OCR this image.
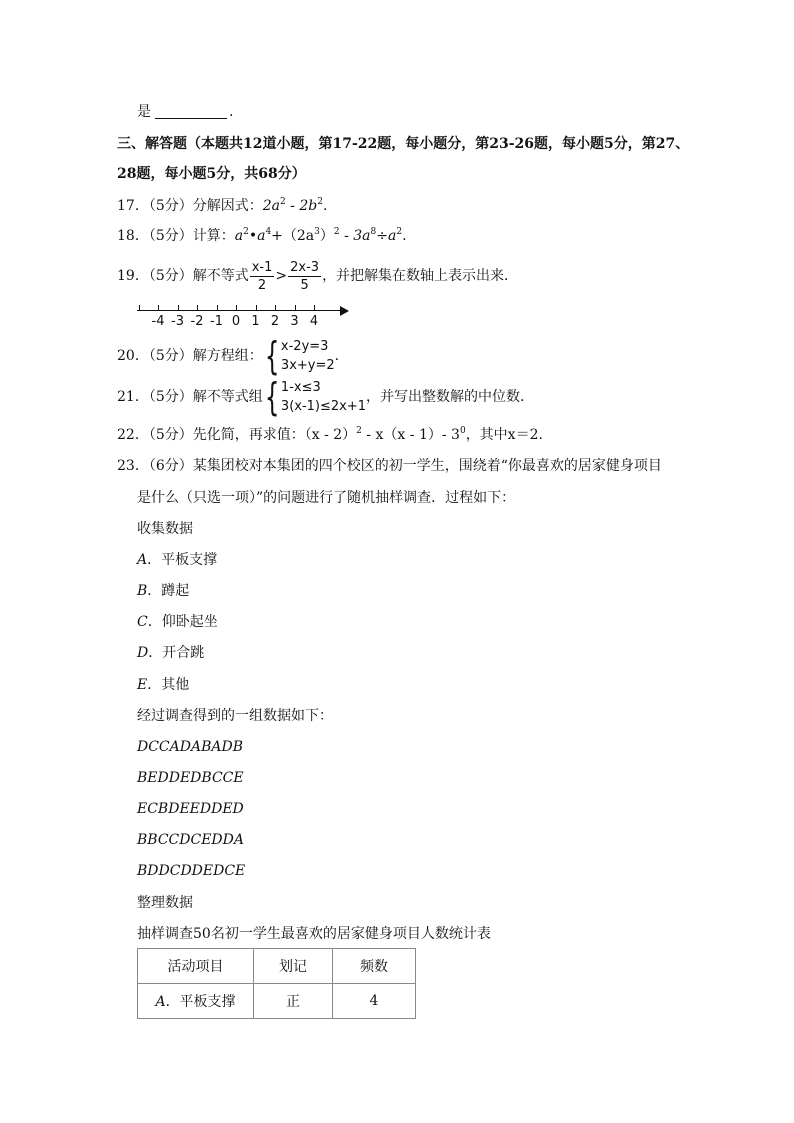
是	.
三、解答题（本题共12道小题，第17-22题，每小题分，第23-26题，每小题5分，第27、
28题，每小题5分，共68分）
17．（5分）分解因式：$2a^2 - 2b^2$.
18．（5分）计算：$a^2•a^4+(2a^3)^2 - 3a^8\div a^2$.
19．（5分）解不等式 $\frac{x-1}{2} > \frac{2x-3}{5}$ ，并把解集在数轴上表示出来．
-4 -3 -2 -1 0 1 2 3 4
20．（5分）解方程组： { x-2y=3
3x+y=2
.
21．（5分）解不等式组 { 1-x≤3
3(x-1)≤2x+1
，并写出整数解的中位数．
22．（5分）先化简，再求值：（x - 2）$^2$ - x（x - 1）- $3^0$，其中x＝2.
23．（6分）某集团校对本集团的四个校区的初一学生，围绕着“你最喜欢的居家健身项目
是什么（只选一项）”的问题进行了随机抽样调查．过程如下：
收集数据
A．平板支撑
B．蹲起
C．仰卧起坐
D．开合跳
E．其他
经过调查得到的一组数据如下：
DCCADABADB
BEDDEDBCCE
ECBDEEDDED
BBCCDCEDDA
BDDCDDEDCE
整理数据
抽样调查50名初一学生最喜欢的居家健身项目人数统计表
活动项目	划记	频数
A．平板支撑	正	4
